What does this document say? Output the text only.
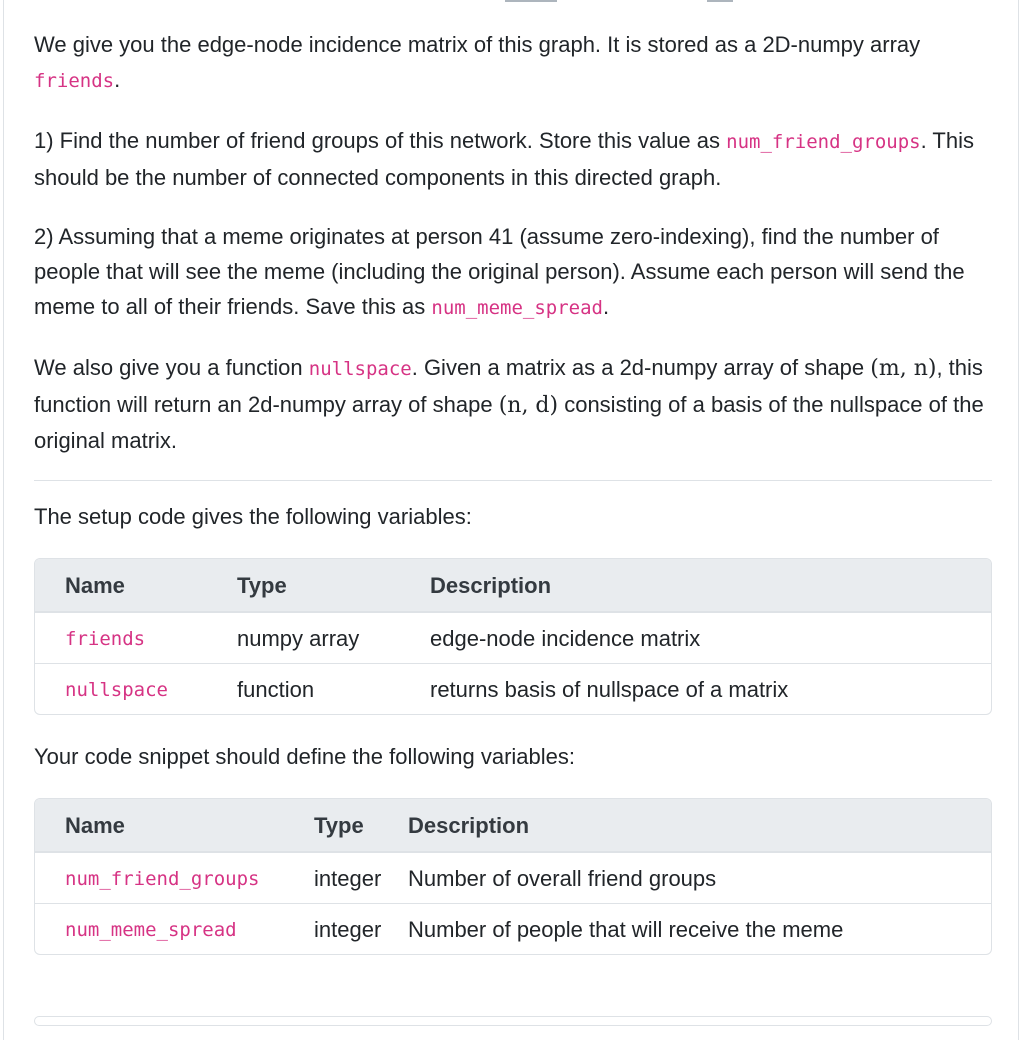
We give you the edge-node incidence matrix of this graph. It is stored as a 2D-numpy array friends.

1) Find the number of friend groups of this network. Store this value as num_friend_groups. This should be the number of connected components in this directed graph.

2) Assuming that a meme originates at person 41 (assume zero-indexing), find the number of people that will see the meme (including the original person). Assume each person will send the meme to all of their friends. Save this as num_meme_spread.

We also give you a function nullspace. Given a matrix as a 2d-numpy array of shape (m, n), this function will return an 2d-numpy array of shape (n, d) consisting of a basis of the nullspace of the original matrix.

The setup code gives the following variables:

Name	Type	Description
friends	numpy array	edge-node incidence matrix
nullspace	function	returns basis of nullspace of a matrix

Your code snippet should define the following variables:

Name	Type	Description
num_friend_groups	integer	Number of overall friend groups
num_meme_spread	integer	Number of people that will receive the meme
